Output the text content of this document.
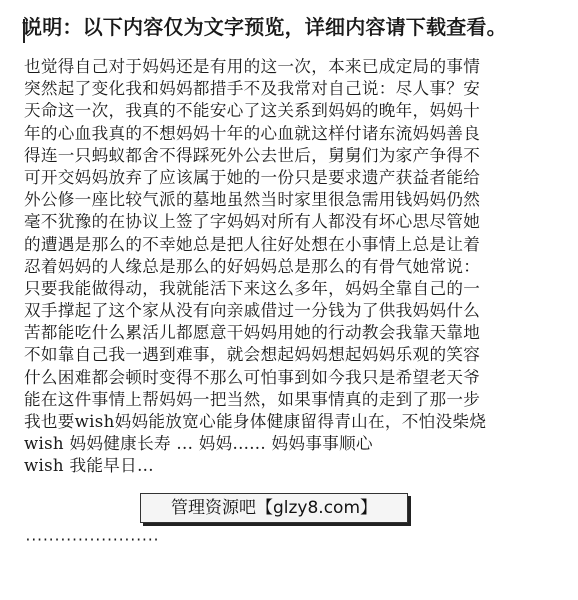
说明：以下内容仅为文字预览，详细内容请下载查看。
也觉得自己对于妈妈还是有用的这一次，本来已成定局的事情
突然起了变化我和妈妈都措手不及我常对自己说：尽人事？安
天命这一次，我真的不能安心了这关系到妈妈的晚年，妈妈十
年的心血我真的不想妈妈十年的心血就这样付诸东流妈妈善良
得连一只蚂蚁都舍不得踩死外公去世后，舅舅们为家产争得不
可开交妈妈放弃了应该属于她的一份只是要求遗产获益者能给
外公修一座比较气派的墓地虽然当时家里很急需用钱妈妈仍然
毫不犹豫的在协议上签了字妈妈对所有人都没有坏心思尽管她
的遭遇是那么的不幸她总是把人往好处想在小事情上总是让着
忍着妈妈的人缘总是那么的好妈妈总是那么的有骨气她常说：
只要我能做得动，我就能活下来这么多年，妈妈全靠自己的一
双手撑起了这个家从没有向亲戚借过一分钱为了供我妈妈什么
苦都能吃什么累活儿都愿意干妈妈用她的行动教会我靠天靠地
不如靠自己我一遇到难事，就会想起妈妈想起妈妈乐观的笑容
什么困难都会顿时变得不那么可怕事到如今我只是希望老天爷
能在这件事情上帮妈妈一把当然，如果事情真的走到了那一步
我也要wish妈妈能放宽心能身体健康留得青山在，不怕没柴烧
wish 妈妈健康长寿 ... 妈妈...... 妈妈事事顺心
wish 我能早日...
·······················
管理资源吧【glzy8.com】
